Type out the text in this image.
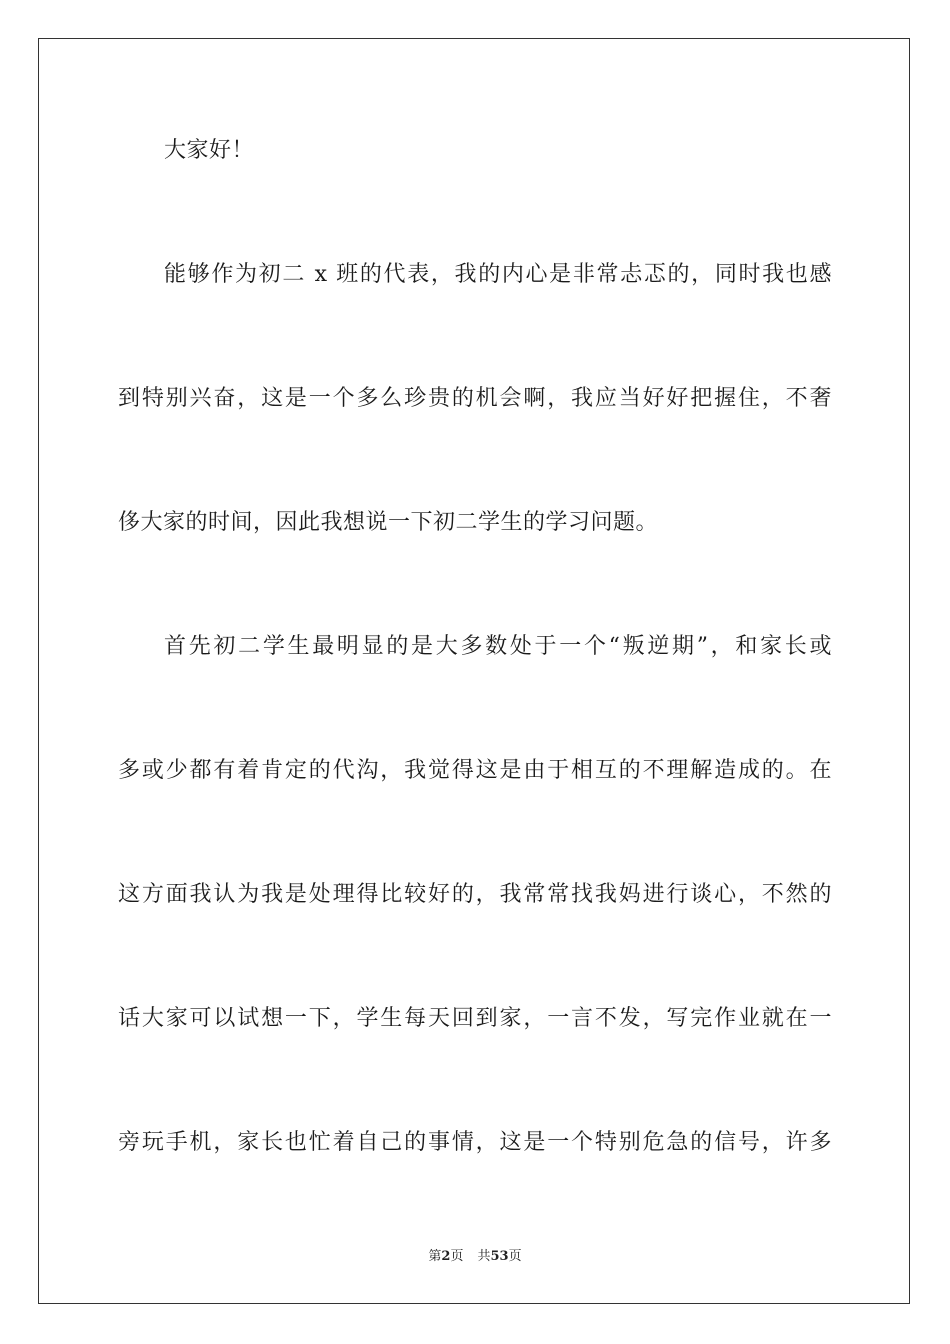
大家好！
能够作为初二 x 班的代表，我的内心是非常忐忑的，同时我也感
到特别兴奋，这是一个多么珍贵的机会啊，我应当好好把握住，不奢
侈大家的时间，因此我想说一下初二学生的学习问题。
首先初二学生最明显的是大多数处于一个“叛逆期”，和家长或
多或少都有着肯定的代沟，我觉得这是由于相互的不理解造成的。在
这方面我认为我是处理得比较好的，我常常找我妈进行谈心，不然的
话大家可以试想一下，学生每天回到家，一言不发，写完作业就在一
旁玩手机，家长也忙着自己的事情，这是一个特别危急的信号，许多
第2页 共53页
